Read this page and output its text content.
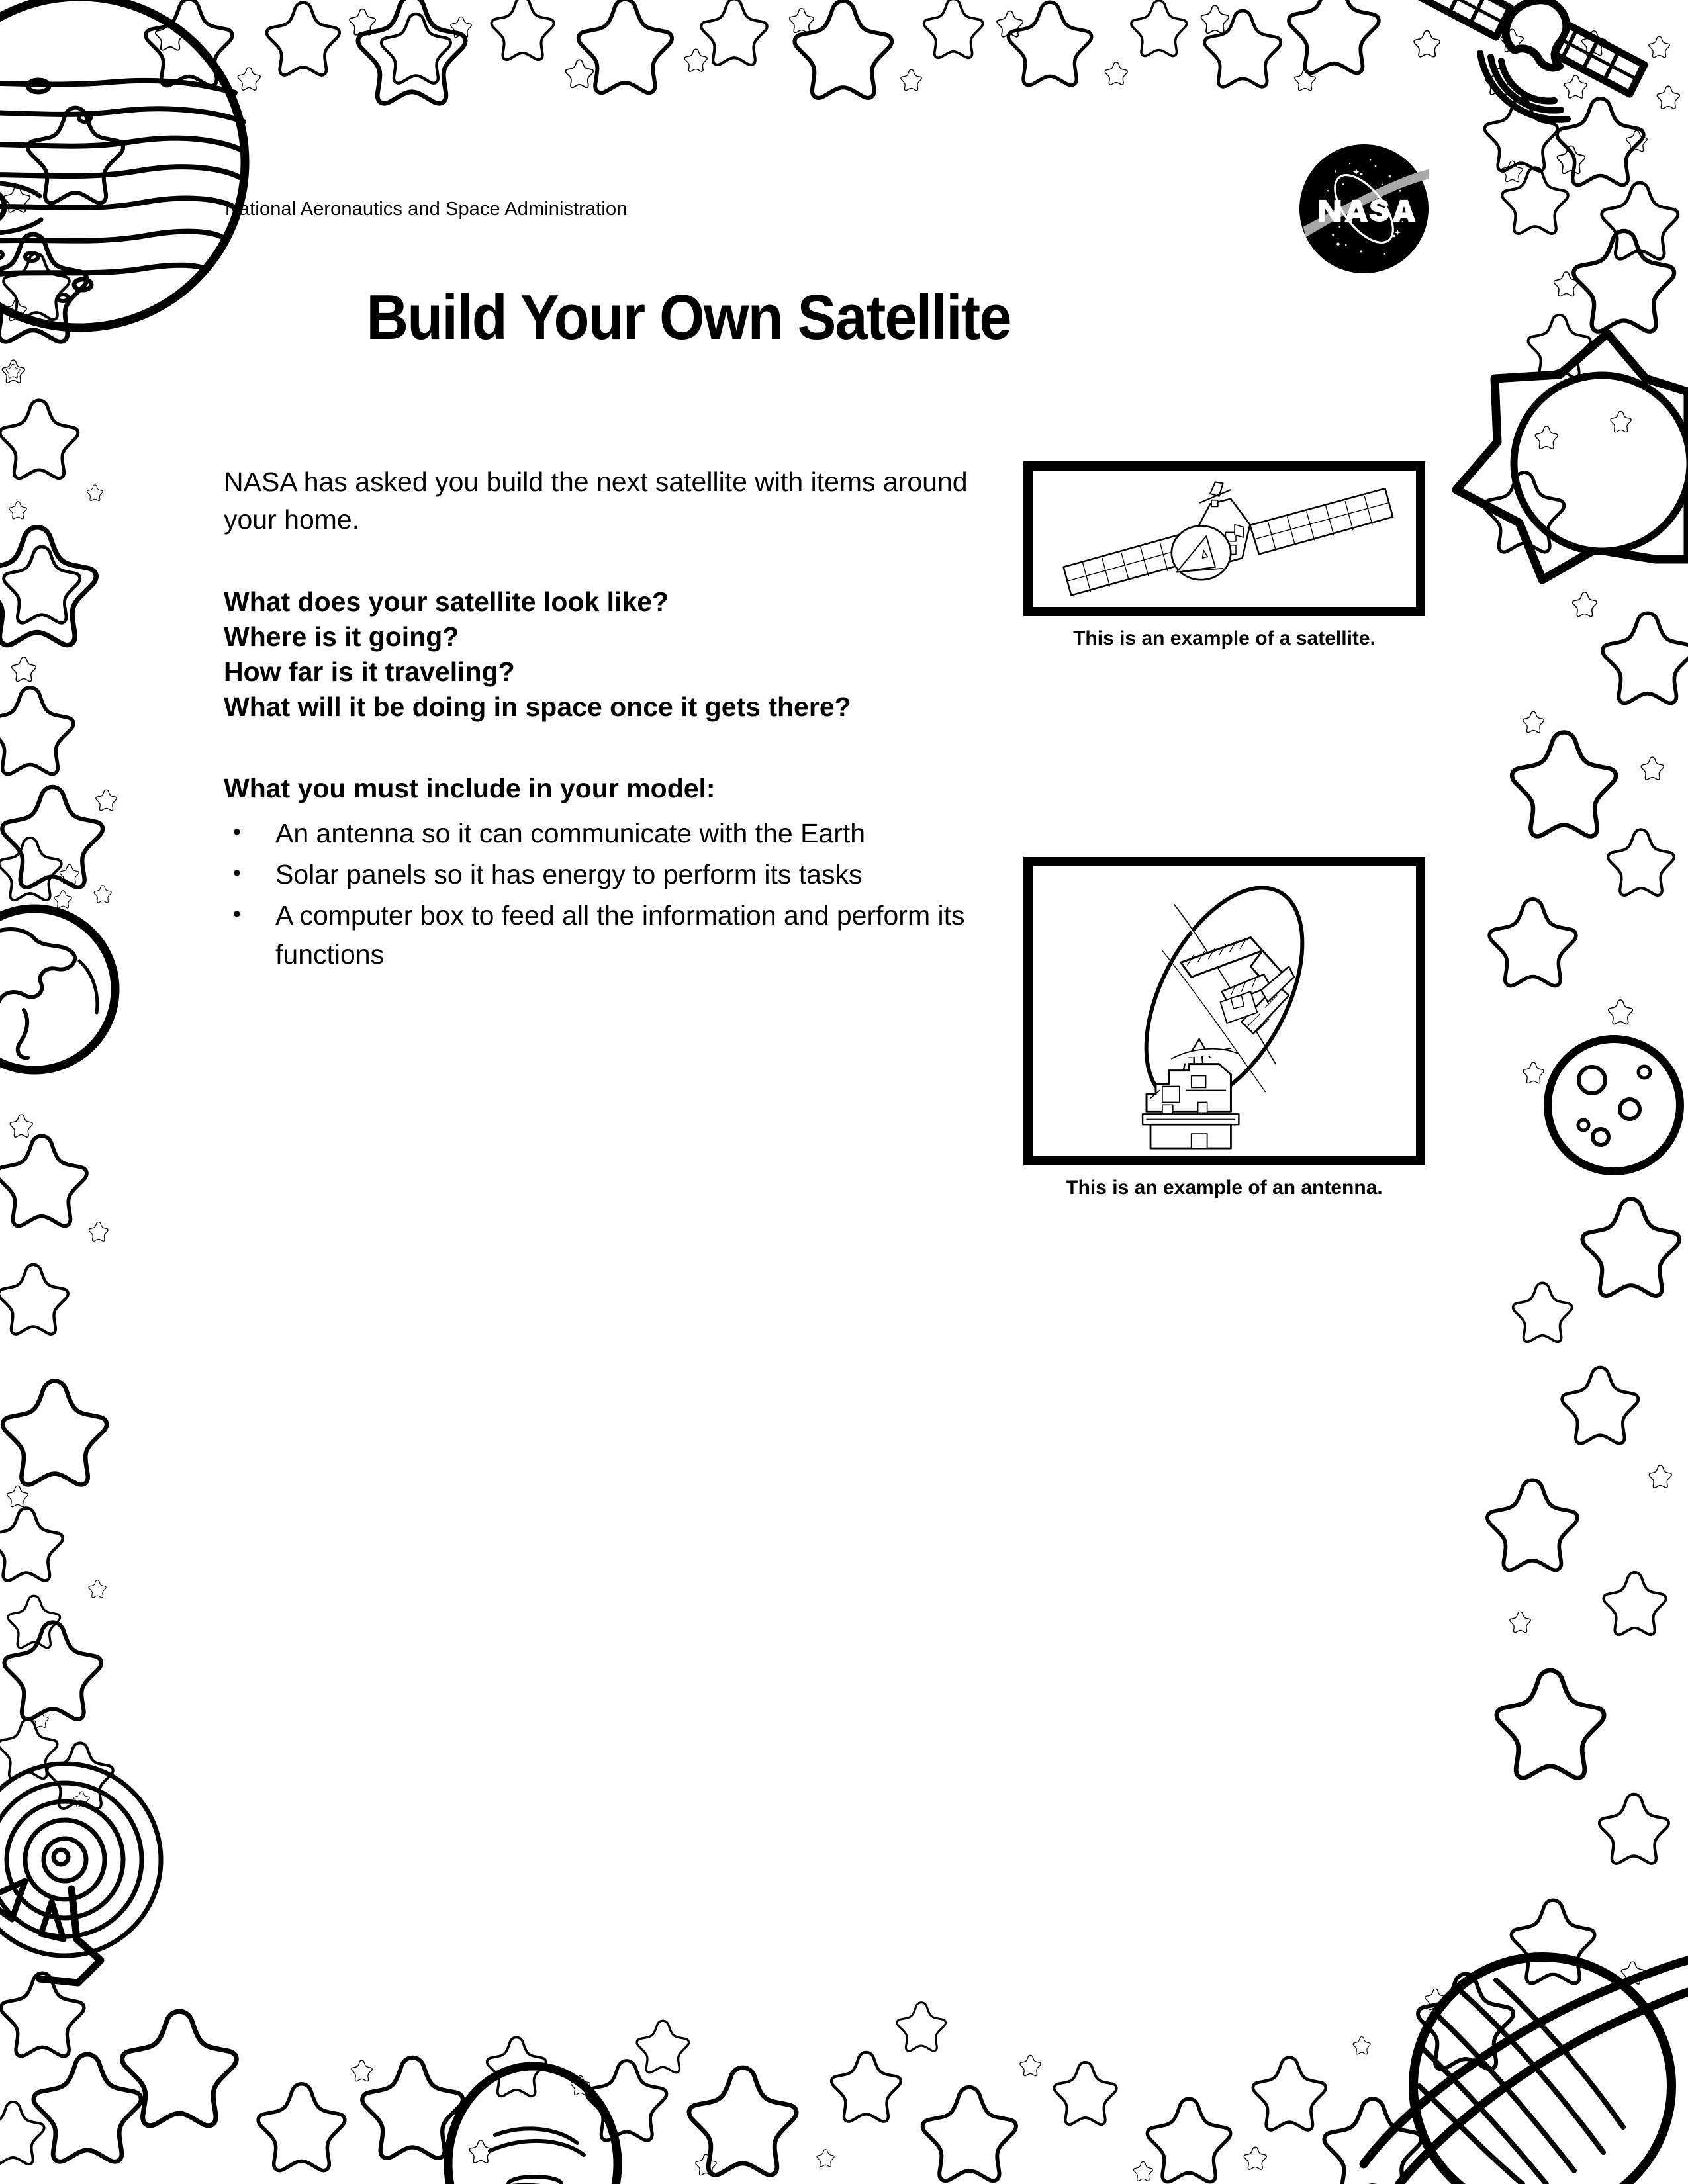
National Aeronautics and Space Administration
Build Your Own Satellite

NASA has asked you build the next satellite with items around your home.

What does your satellite look like?

Where is it going?

How far is it traveling?

What will it be doing in space once it gets there?

What you must include in your model:
• An antenna so it can communicate with the Earth
• Solar panels so it has energy to perform its tasks
• A computer box to feed all the information and perform its functions
This is an example of a satellite.
This is an example of an antenna.
